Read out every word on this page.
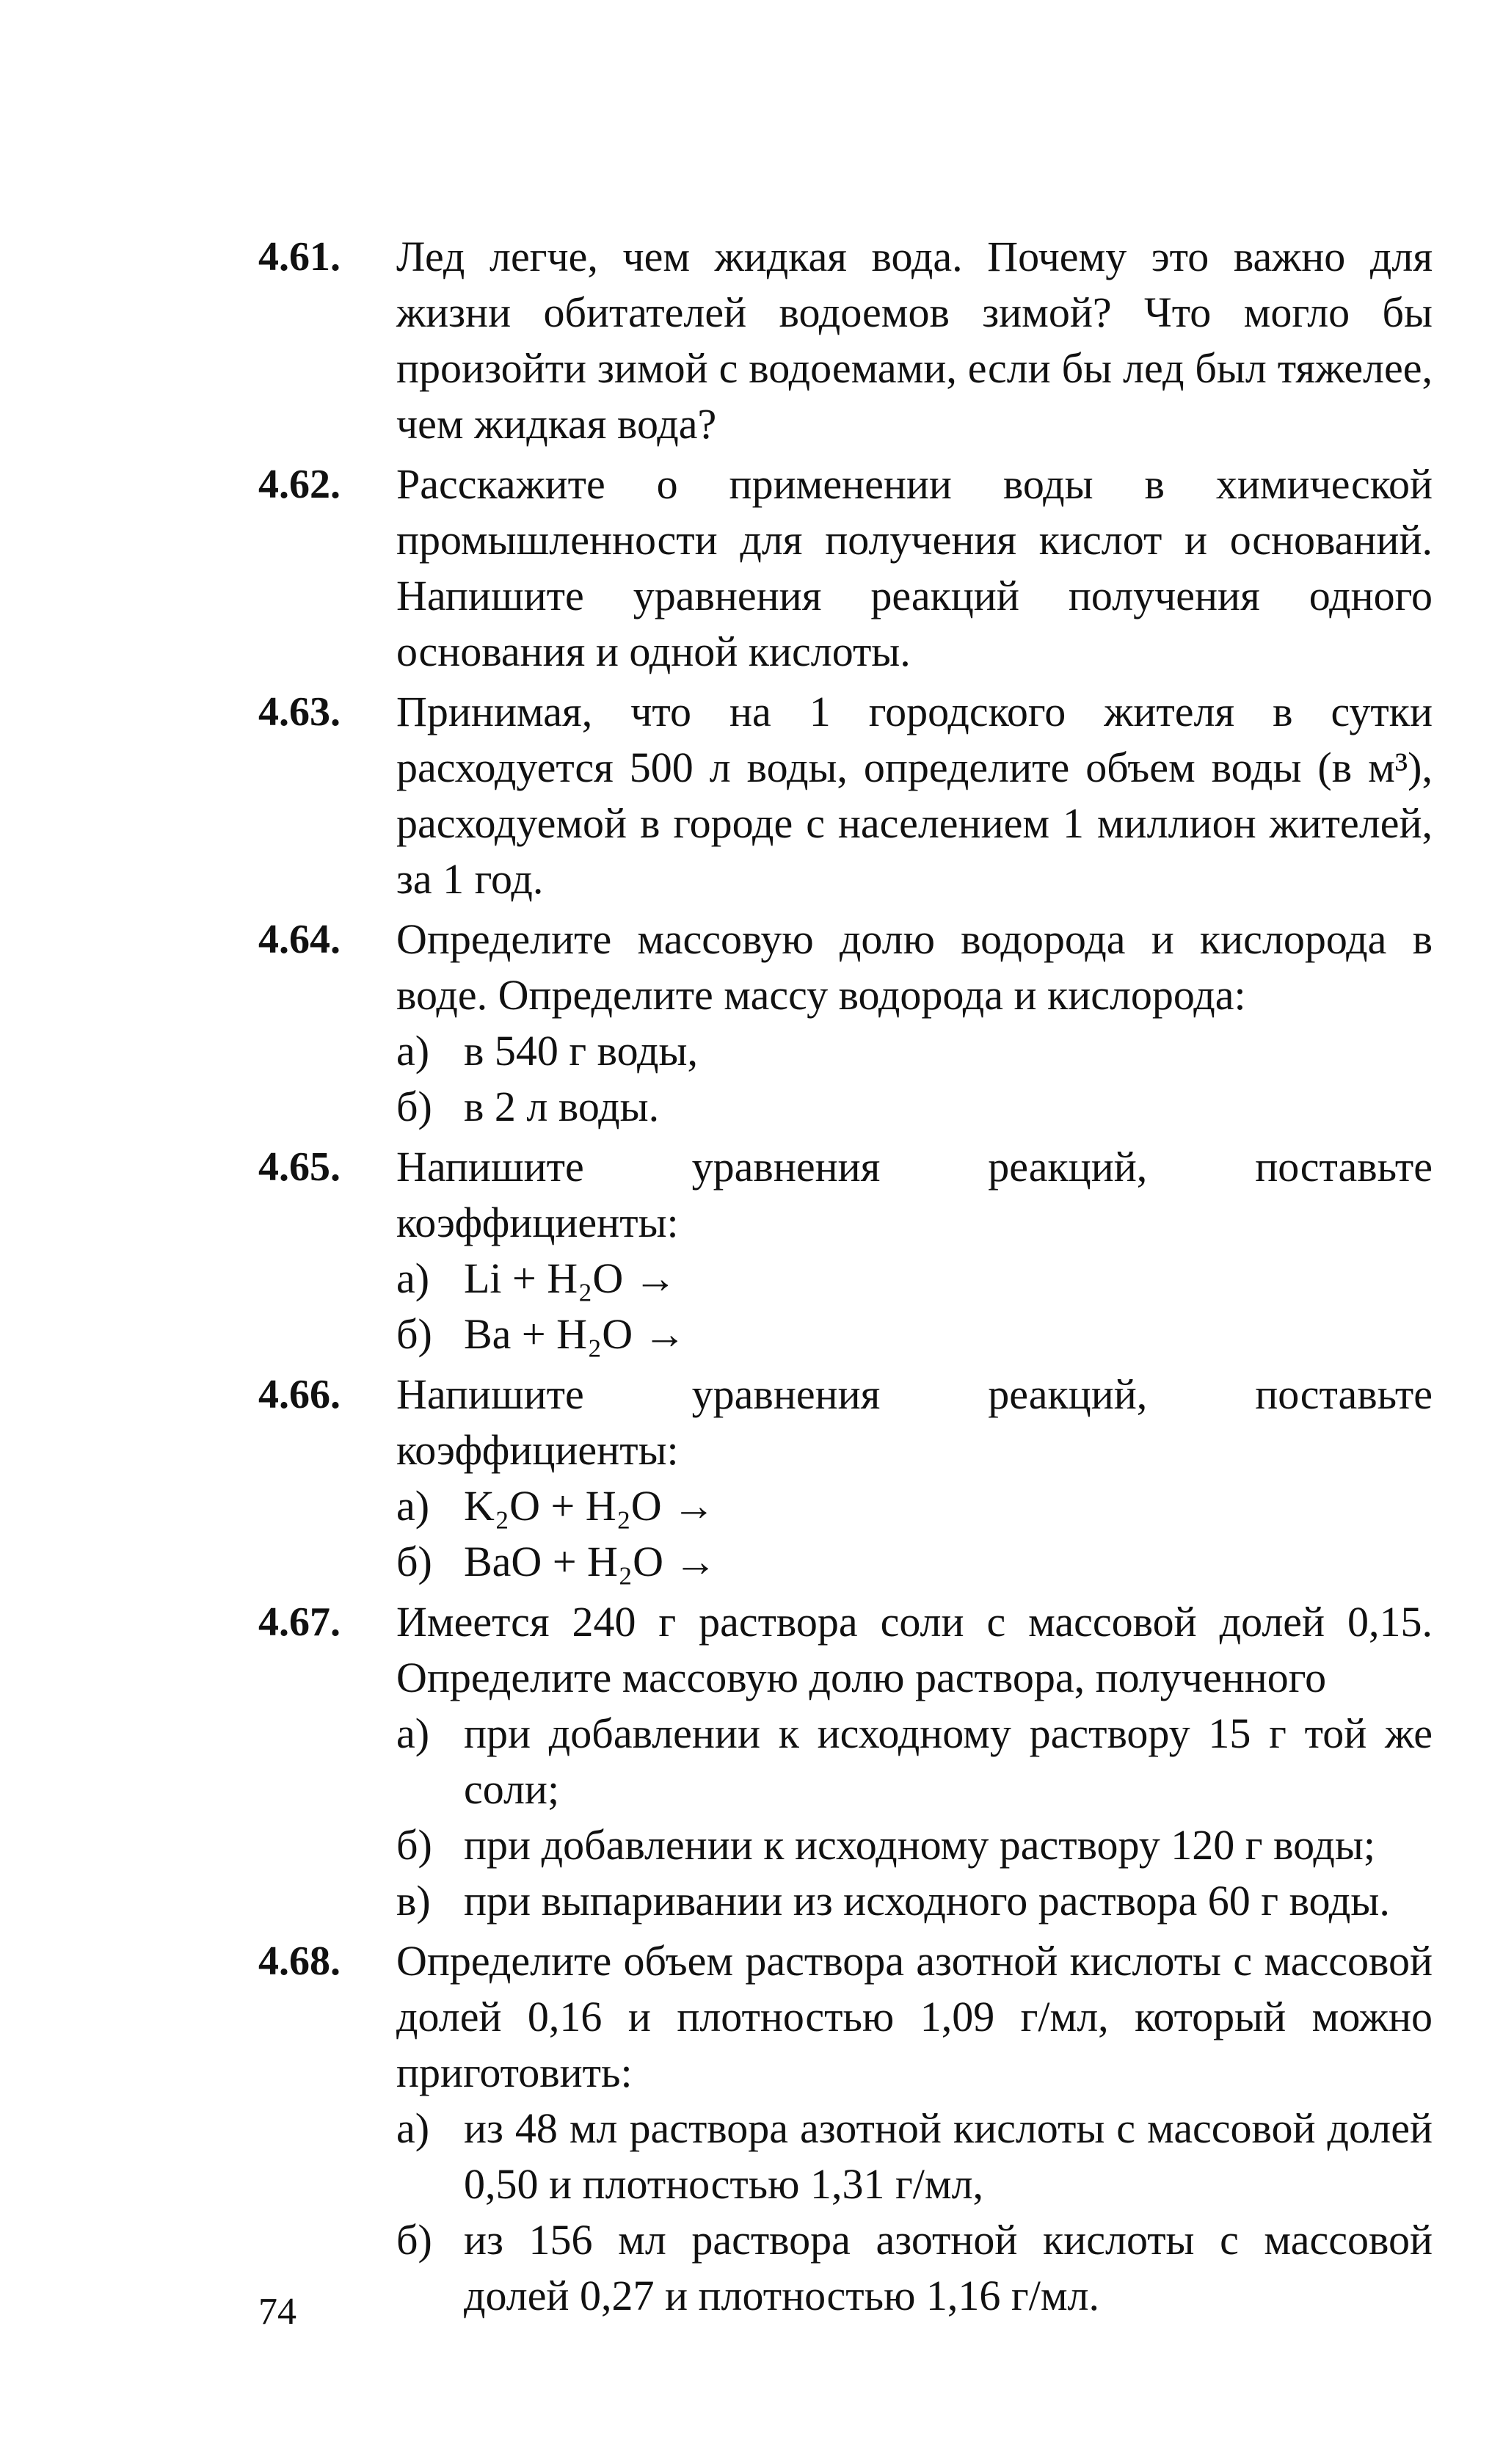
4.61. Лед легче, чем жидкая вода. Почему это важно для жизни обитателей водоемов зимой? Что могло бы произойти зимой с водоемами, если бы лед был тяжелее, чем жидкая вода?
4.62. Расскажите о применении воды в химической промышленности для получения кислот и оснований. Напишите уравнения реакций получения одного основания и одной кислоты.
4.63. Принимая, что на 1 городского жителя в сутки расходуется 500 л воды, определите объем воды (в м³), расходуемой в городе с населением 1 миллион жителей, за 1 год.
4.64. Определите массовую долю водорода и кислорода в воде. Определите массу водорода и кислорода:
а) в 540 г воды,
б) в 2 л воды.
4.65. Напишите уравнения реакций, поставьте коэффициенты:
а) Li + H₂O →
б) Ba + H₂O →
4.66. Напишите уравнения реакций, поставьте коэффициенты:
а) K₂O + H₂O →
б) BaO + H₂O →
4.67. Имеется 240 г раствора соли с массовой долей 0,15. Определите массовую долю раствора, полученного
а) при добавлении к исходному раствору 15 г той же соли;
б) при добавлении к исходному раствору 120 г воды;
в) при выпаривании из исходного раствора 60 г воды.
4.68. Определите объем раствора азотной кислоты с массовой долей 0,16 и плотностью 1,09 г/мл, который можно приготовить:
а) из 48 мл раствора азотной кислоты с массовой долей 0,50 и плотностью 1,31 г/мл,
б) из 156 мл раствора азотной кислоты с массовой долей 0,27 и плотностью 1,16 г/мл.
74
